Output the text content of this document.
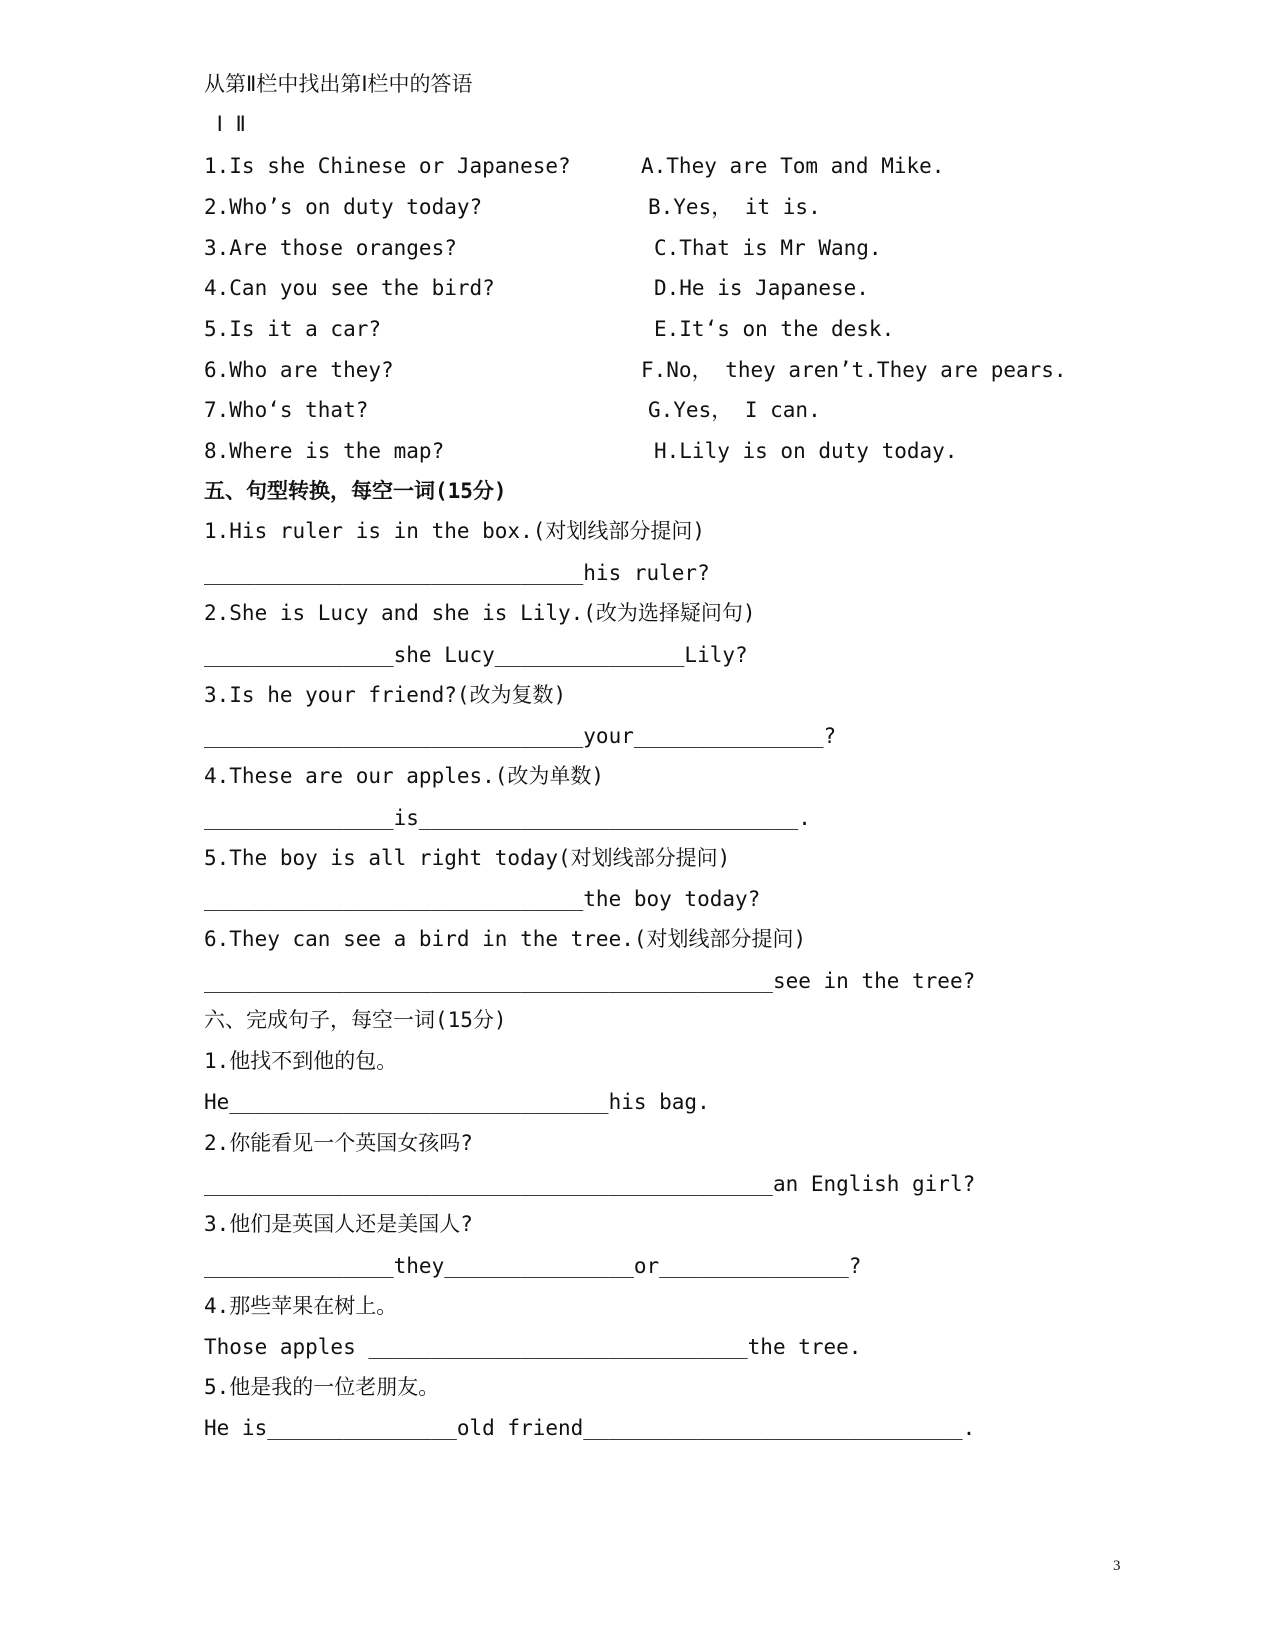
从第Ⅱ栏中找出第Ⅰ栏中的答语
Ⅰ Ⅱ
1.Is she Chinese or Japanese?
2.Who’s on duty today?
3.Are those oranges?
4.Can you see the bird?
5.Is it a car?
6.Who are they?
7.Who‘s that?
8.Where is the map?
A.They are Tom and Mike.
B.Yes， it is.
C.That is Mr Wang.
D.He is Japanese.
E.It‘s on the desk.
F.No， they aren’t.They are pears.
G.Yes， I can.
H.Lily is on duty today.
五、句型转换，每空一词(15分)
1.His ruler is in the box.(对划线部分提问)
______________________________his ruler?
2.She is Lucy and she is Lily.(改为选择疑问句)
_______________she Lucy_______________Lily?
3.Is he your friend?(改为复数)
______________________________your_______________?
4.These are our apples.(改为单数)
_______________is______________________________.
5.The boy is all right today(对划线部分提问)
______________________________the boy today?
6.They can see a bird in the tree.(对划线部分提问)
_____________________________________________see in the tree?
六、完成句子，每空一词(15分)
1.他找不到他的包。
He______________________________his bag.
2.你能看见一个英国女孩吗?
_____________________________________________an English girl?
3.他们是英国人还是美国人?
_______________they_______________or_______________?
4.那些苹果在树上。
Those apples ______________________________the tree.
5.他是我的一位老朋友。
He is_______________old friend______________________________.
3
